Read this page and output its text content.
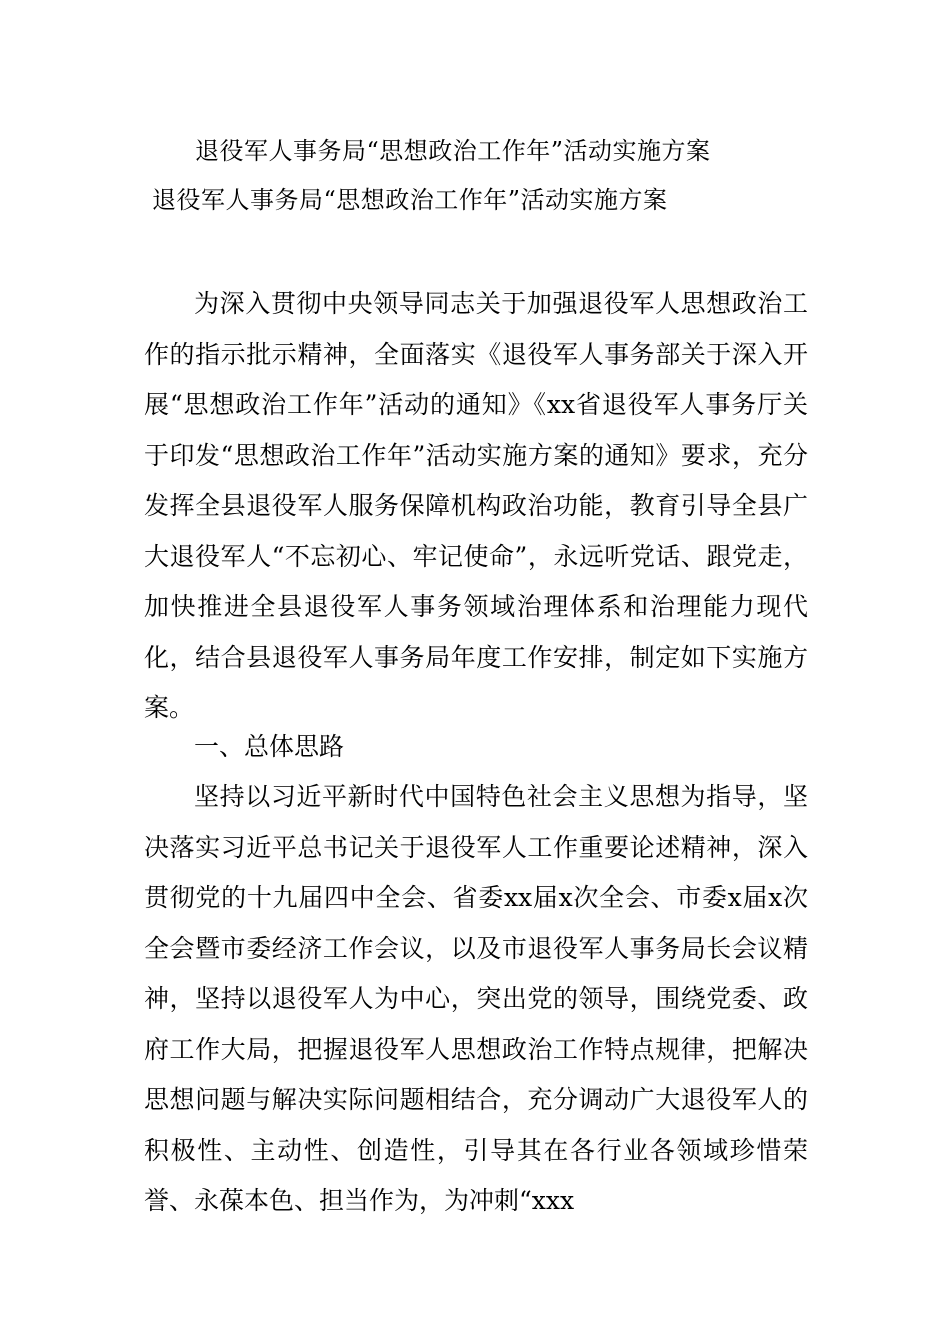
退役军人事务局“思想政治工作年”活动实施方案
退役军人事务局“思想政治工作年”活动实施方案

为深入贯彻中央领导同志关于加强退役军人思想政治工作的指示批示精神，全面落实《退役军人事务部关于深入开展“思想政治工作年”活动的通知》《xx省退役军人事务厅关于印发“思想政治工作年”活动实施方案的通知》要求，充分发挥全县退役军人服务保障机构政治功能，教育引导全县广大退役军人“不忘初心、牢记使命”，永远听党话、跟党走，加快推进全县退役军人事务领域治理体系和治理能力现代化，结合县退役军人事务局年度工作安排，制定如下实施方案。

一、总体思路

坚持以习近平新时代中国特色社会主义思想为指导，坚决落实习近平总书记关于退役军人工作重要论述精神，深入贯彻党的十九届四中全会、省委xx届x次全会、市委x届x次全会暨市委经济工作会议，以及市退役军人事务局长会议精神，坚持以退役军人为中心，突出党的领导，围绕党委、政府工作大局，把握退役军人思想政治工作特点规律，把解决思想问题与解决实际问题相结合，充分调动广大退役军人的积极性、主动性、创造性，引导其在各行业各领域珍惜荣誉、永葆本色、担当作为，为冲刺“xxx
